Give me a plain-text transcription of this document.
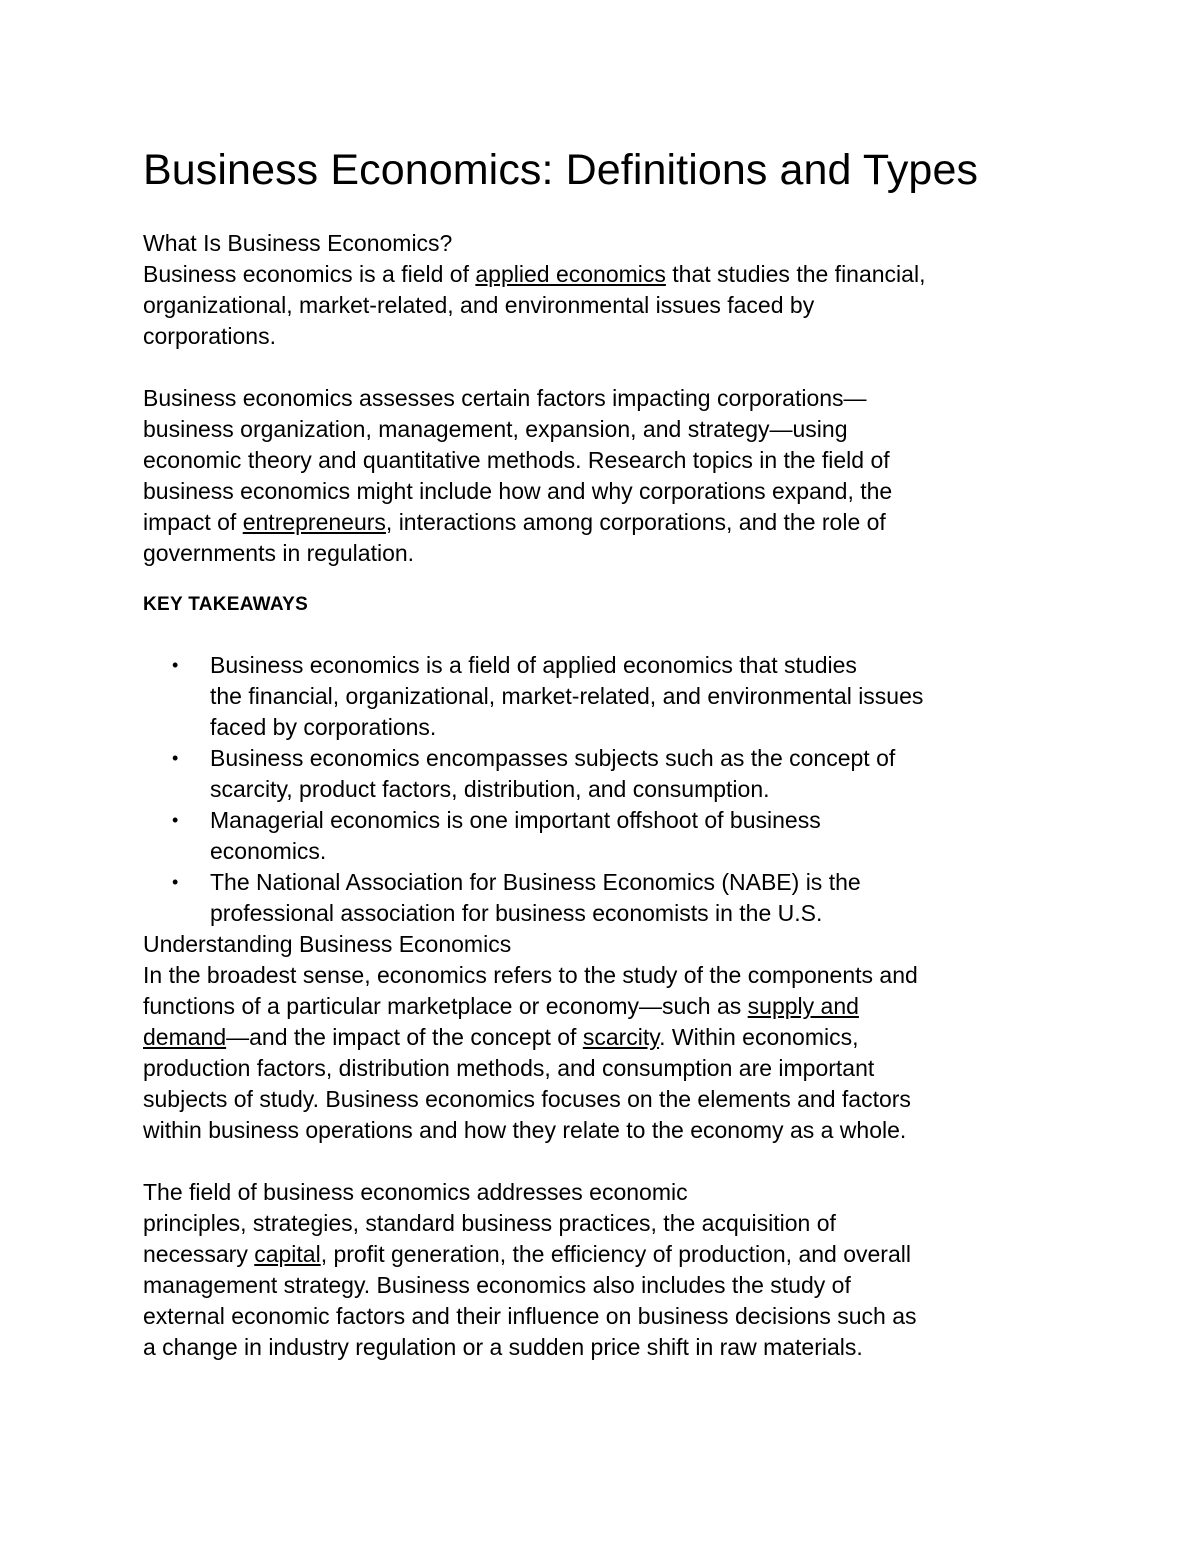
Business Economics: Definitions and Types
What Is Business Economics?

Business economics is a field of applied economics that studies the financial,
organizational, market-related, and environmental issues faced by
corporations.

Business economics assesses certain factors impacting corporations—
business organization, management, expansion, and strategy—using
economic theory and quantitative methods. Research topics in the field of
business economics might include how and why corporations expand, the
impact of entrepreneurs, interactions among corporations, and the role of
governments in regulation.

KEY TAKEAWAYS
• Business economics is a field of applied economics that studies
the financial, organizational, market-related, and environmental issues
faced by corporations.
• Business economics encompasses subjects such as the concept of
scarcity, product factors, distribution, and consumption.
• Managerial economics is one important offshoot of business
economics.
• The National Association for Business Economics (NABE) is the
professional association for business economists in the U.S.
Understanding Business Economics

In the broadest sense, economics refers to the study of the components and
functions of a particular marketplace or economy—such as supply and
demand—and the impact of the concept of scarcity. Within economics,
production factors, distribution methods, and consumption are important
subjects of study. Business economics focuses on the elements and factors
within business operations and how they relate to the economy as a whole.

The field of business economics addresses economic
principles, strategies, standard business practices, the acquisition of
necessary capital, profit generation, the efficiency of production, and overall
management strategy. Business economics also includes the study of
external economic factors and their influence on business decisions such as
a change in industry regulation or a sudden price shift in raw materials.
